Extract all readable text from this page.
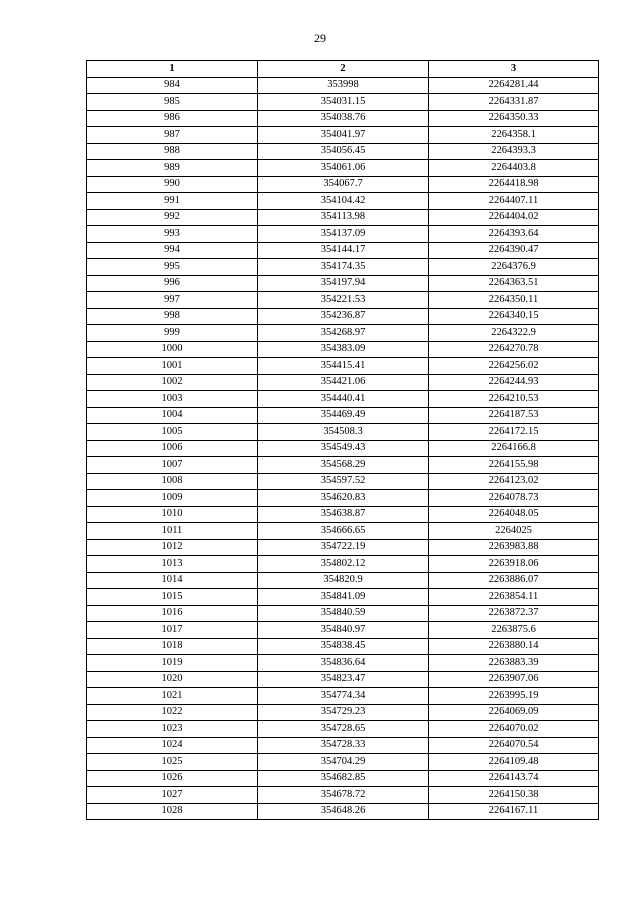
29
1	2	3
984	353998	2264281.44
985	354031.15	2264331.87
986	354038.76	2264350.33
987	354041.97	2264358.1
988	354056.45	2264393.3
989	354061.06	2264403.8
990	354067.7	2264418.98
991	354104.42	2264407.11
992	354113.98	2264404.02
993	354137.09	2264393.64
994	354144.17	2264390.47
995	354174.35	2264376.9
996	354197.94	2264363.51
997	354221.53	2264350.11
998	354236.87	2264340.15
999	354268.97	2264322.9
1000	354383.09	2264270.78
1001	354415.41	2264256.02
1002	354421.06	2264244.93
1003	354440.41	2264210.53
1004	354469.49	2264187.53
1005	354508.3	2264172.15
1006	354549.43	2264166.8
1007	354568.29	2264155.98
1008	354597.52	2264123.02
1009	354620.83	2264078.73
1010	354638.87	2264048.05
1011	354666.65	2264025
1012	354722.19	2263983.88
1013	354802.12	2263918.06
1014	354820.9	2263886.07
1015	354841.09	2263854.11
1016	354840.59	2263872.37
1017	354840.97	2263875.6
1018	354838.45	2263880.14
1019	354836.64	2263883.39
1020	354823.47	2263907.06
1021	354774.34	2263995.19
1022	354729.23	2264069.09
1023	354728.65	2264070.02
1024	354728.33	2264070.54
1025	354704.29	2264109.48
1026	354682.85	2264143.74
1027	354678.72	2264150.38
1028	354648.26	2264167.11
